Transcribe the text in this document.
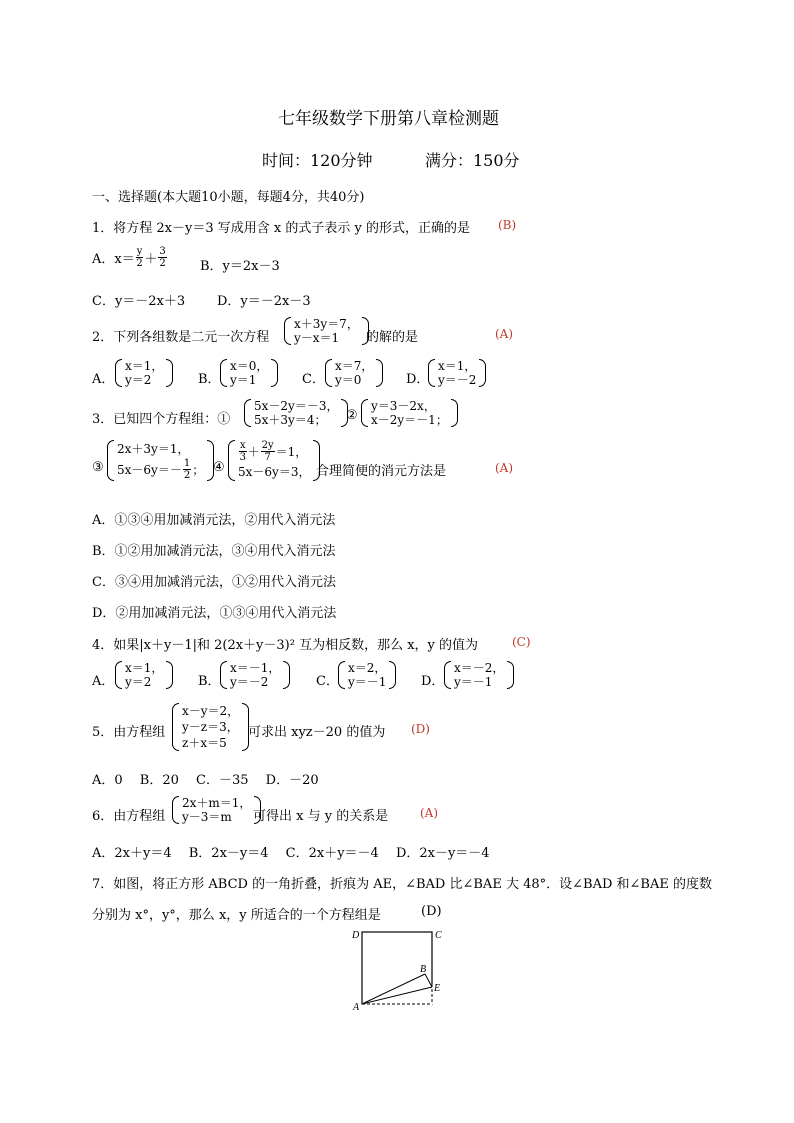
七年级数学下册第八章检测题
时间：120分钟	满分：150分
一、选择题(本大题10小题，每题4分，共40分)
1．将方程 2x－y＝3 写成用含 x 的式子表示 y 的形式，正确的是 (B)
A．$x= \frac{y}{2} + \frac{3}{2}$	B．y＝2x－3
C．y＝－2x＋3 D．y＝－2x－3
2．下列各组数是二元一次方程
x＋3y＝7，
y－x＝1	的解的是	(A)
A．
x＝1，
y＝2	B．
x＝0，
y＝1	C．
x＝7，
y＝0	D．
x＝1，
y＝－2
3．已知四个方程组：①
5x－2y＝－3，
5x＋3y＝4；	②
y＝3－2x，
x－2y＝－1；
③
2x＋3y＝1，
$5x-6y=- \frac{1}{2}$ ； ④
$\frac{x}{3} + \frac{2y}{7} =1$，
5x－6y＝3， 合理简便的消元方法是	(A)
A．①③④用加减消元法，②用代入消元法
B．①②用加减消元法，③④用代入消元法
C．③④用加减消元法，①②用代入消元法
D．②用加减消元法，①③④用代入消元法
4．如果|x＋y－1|和 2(2x＋y－3)² 互为相反数，那么 x，y 的值为	(C)
A．
x＝1，
y＝2	B．
x＝－1，
y＝－2	C．
x＝2，
y＝－1	D．
x＝－2，
y＝－1
5．由方程组
x－y＝2，
y－z＝3，
z＋x＝5
可求出 xyz－20 的值为 (D)
A．0　 B．20　 C．－35　 D．－20
6．由方程组
2x＋m＝1，
y－3＝m	可得出 x 与 y 的关系是	(A)
A．2x＋y＝4　 B．2x－y＝4　 C．2x＋y＝－4　 D．2x－y＝－4
7．如图，将正方形 ABCD 的一角折叠，折痕为 AE，∠BAD 比∠BAE 大 48°．设∠BAD 和∠BAE 的度数
分别为 x°，y°，那么 x，y 所适合的一个方程组是	(D)
D	C
B
E
A
